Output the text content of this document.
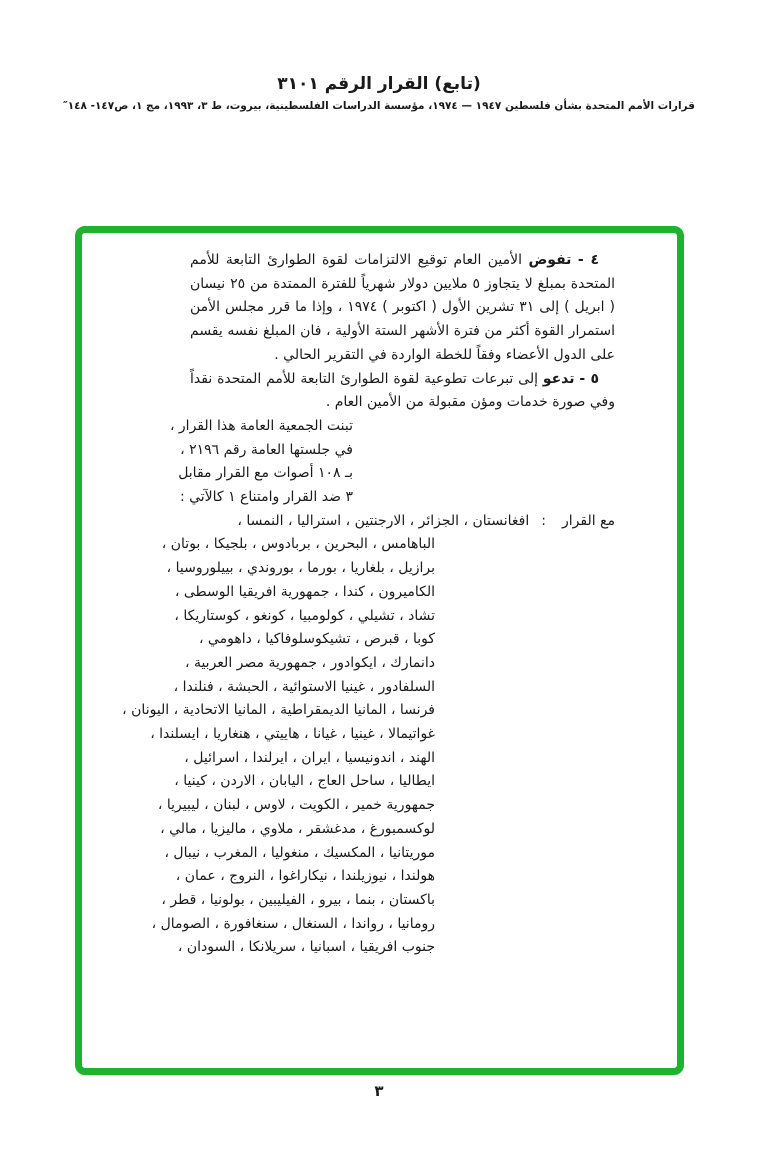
(تابع) القرار الرقم ٣١٠١
قرارات الأمم المتحدة بشأن فلسطين ١٩٤٧ — ١٩٧٤، مؤسسة الدراسات الفلسطينية، بيروت، ط ٣، ١٩٩٣، مج ١، ص١٤٧- ١٤٨″

٤ - تفوض الأمين العام توقيع الالتزامات لقوة الطوارئ التابعة للأمم المتحدة بمبلغ لا يتجاوز ٥ ملايين دولار شهرياً للفترة الممتدة من ٢٥ نيسان ( ابريل ) إلى ٣١ تشرين الأول ( اكتوبر ) ١٩٧٤ ، وإذا ما قرر مجلس الأمن استمرار القوة أكثر من فترة الأشهر الستة الأولية ، فان المبلغ نفسه يقسم على الدول الأعضاء وفقاً للخطة الواردة في التقرير الحالي .

٥ - تدعو إلى تبرعات تطوعية لقوة الطوارئ التابعة للأمم المتحدة نقداً وفي صورة خدمات ومؤن مقبولة من الأمين العام .

تبنت الجمعية العامة هذا القرار ،
في جلستها العامة رقم ٢١٩٦ ،
بـ ١٠٨ أصوات مع القرار مقابل
٣ ضد القرار وامتناع ١ كالآتي :
مع القرار:افغانستان ، الجزائر ، الارجنتين ، استراليا ، النمسا ،
الباهامس ، البحرين ، بربادوس ، بلجيكا ، بوتان ،
برازيل ، بلغاريا ، بورما ، بوروندي ، بييلوروسيا ،
الكاميرون ، كندا ، جمهورية افريقيا الوسطى ،
تشاد ، تشيلي ، كولومبيا ، كونغو ، كوستاريكا ،
كوبا ، قبرص ، تشيكوسلوفاكيا ، داهومي ،
دانمارك ، ايكوادور ، جمهورية مصر العربية ،
السلفادور ، غينيا الاستوائية ، الحبشة ، فنلندا ،
فرنسا ، المانيا الديمقراطية ، المانيا الاتحادية ، اليونان ،
غواتيمالا ، غينيا ، غيانا ، هاييتي ، هنغاريا ، ايسلندا ،
الهند ، اندونيسيا ، ايران ، ايرلندا ، اسرائيل ،
ايطاليا ، ساحل العاج ، اليابان ، الاردن ، كينيا ،
جمهورية خمير ، الكويت ، لاوس ، لبنان ، ليبيريا ،
لوكسمبورغ ، مدغشقر ، ملاوي ، ماليزيا ، مالي ،
موريتانيا ، المكسيك ، منغوليا ، المغرب ، نيبال ،
هولندا ، نيوزيلندا ، نيكاراغوا ، النروج ، عمان ،
باكستان ، بنما ، بيرو ، الفيليبين ، بولونيا ، قطر ،
رومانيا ، رواندا ، السنغال ، سنغافورة ، الصومال ،
جنوب افريقيا ، اسبانيا ، سريلانكا ، السودان ،
٣
